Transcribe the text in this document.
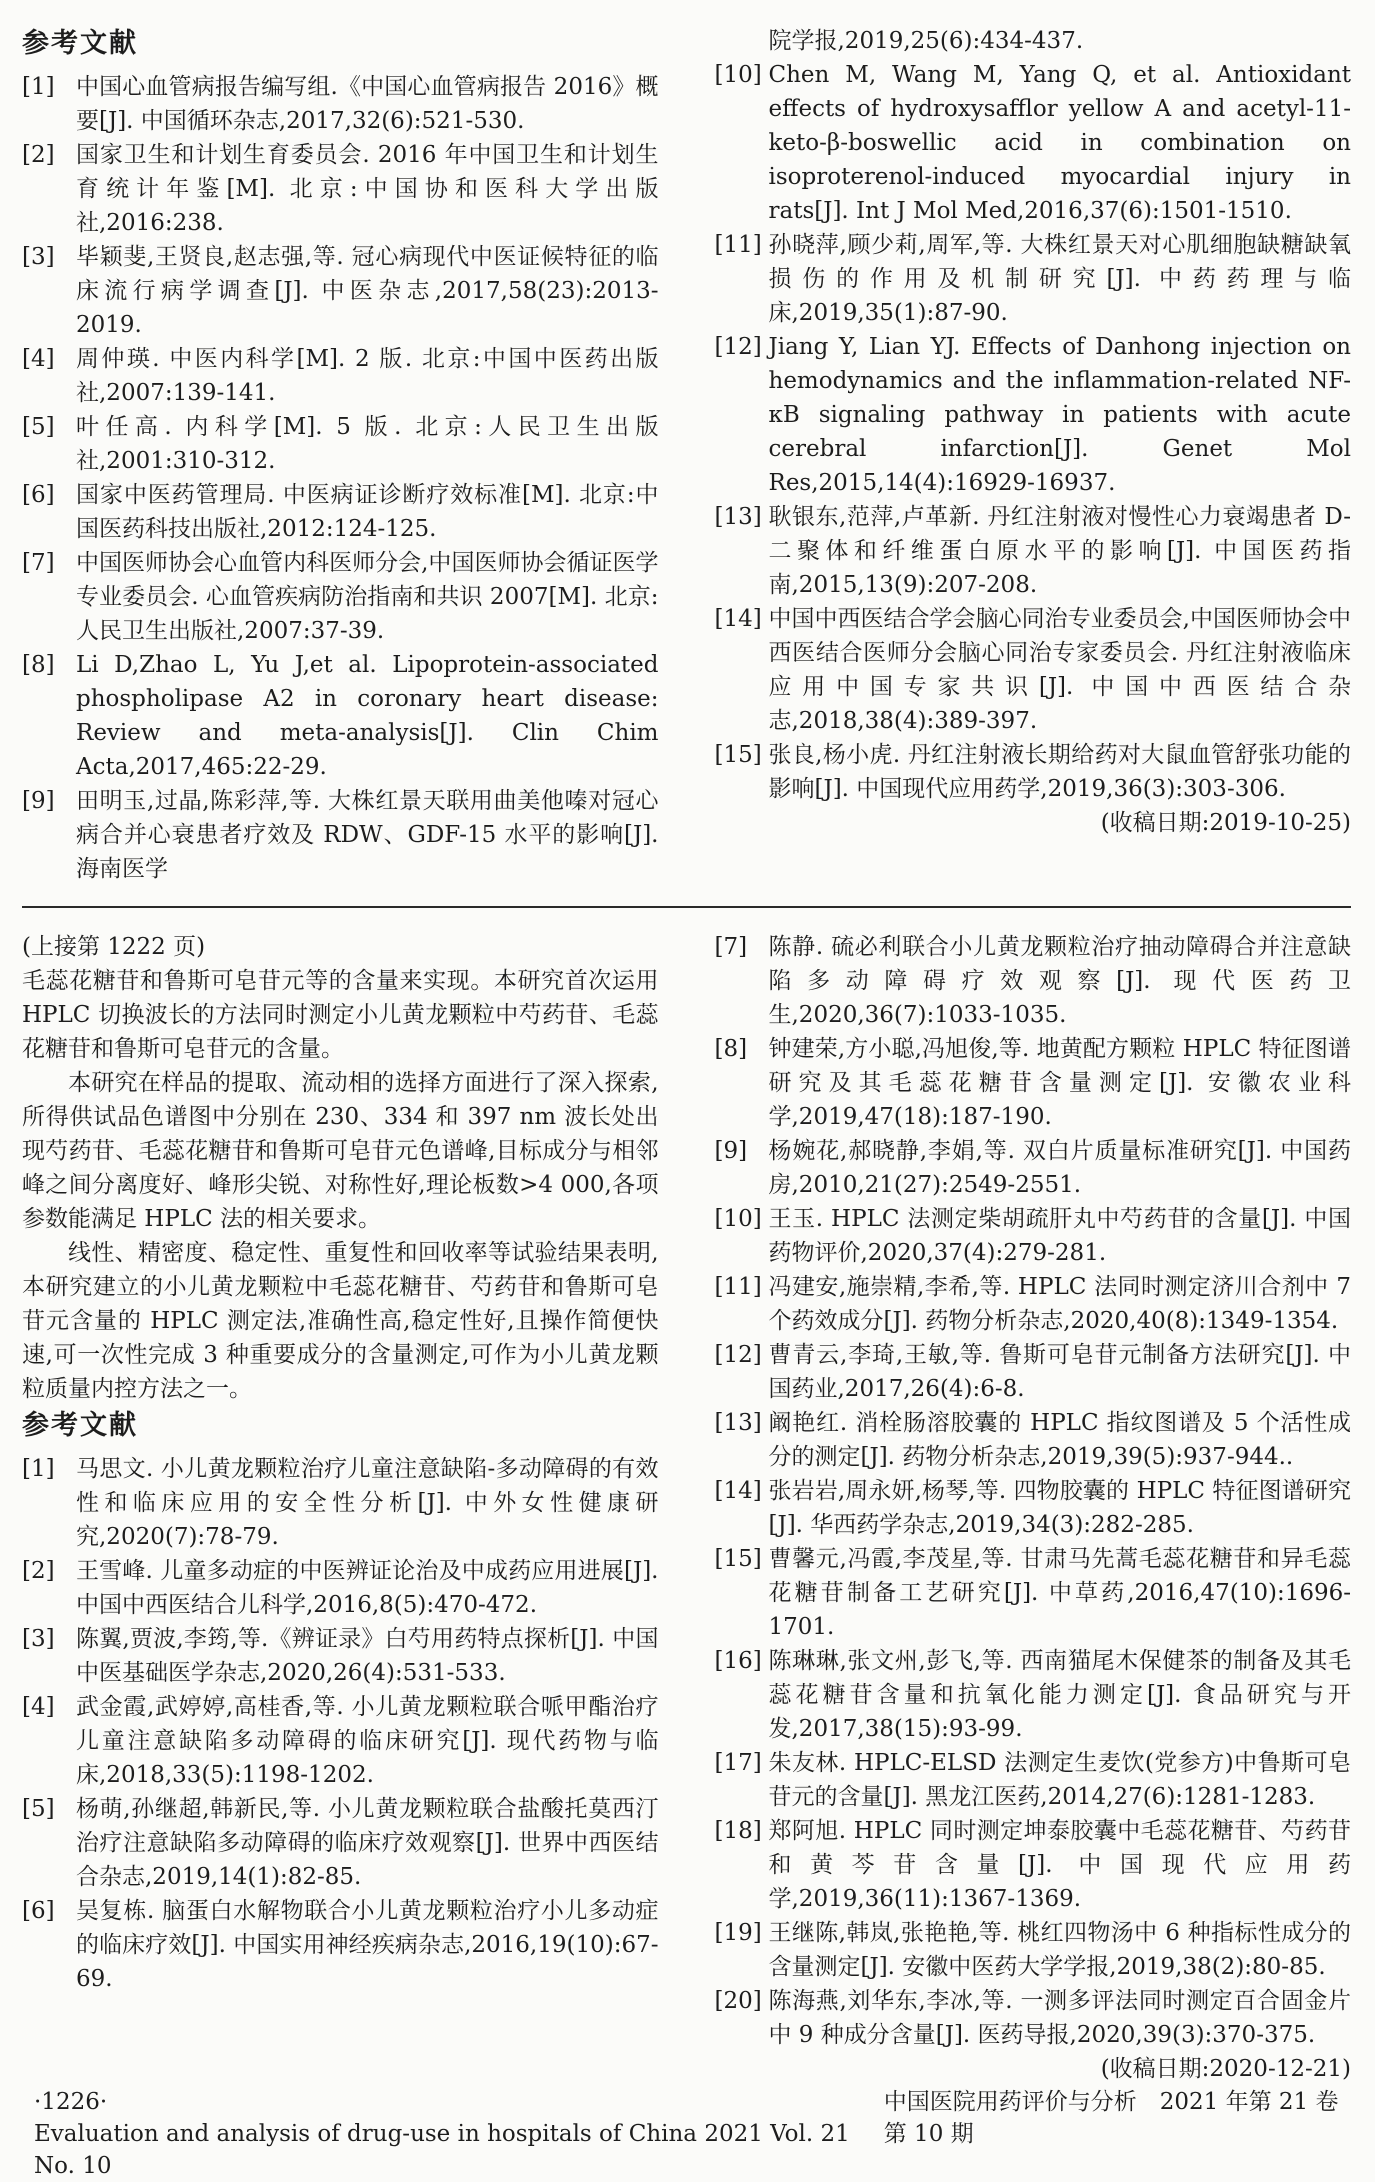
参考文献
[1] 中国心血管病报告编写组.《中国心血管病报告 2016》概要[J]. 中国循环杂志,2017,32(6):521-530.
[2] 国家卫生和计划生育委员会. 2016 年中国卫生和计划生育统计年鉴[M]. 北京:中国协和医科大学出版社,2016:238.
[3] 毕颖斐,王贤良,赵志强,等. 冠心病现代中医证候特征的临床流行病学调查[J]. 中医杂志,2017,58(23):2013-2019.
[4] 周仲瑛. 中医内科学[M]. 2 版. 北京:中国中医药出版社,2007:139-141.
[5] 叶任高. 内科学[M]. 5 版. 北京:人民卫生出版社,2001:310-312.
[6] 国家中医药管理局. 中医病证诊断疗效标准[M]. 北京:中国医药科技出版社,2012:124-125.
[7] 中国医师协会心血管内科医师分会,中国医师协会循证医学专业委员会. 心血管疾病防治指南和共识 2007[M]. 北京:人民卫生出版社,2007:37-39.
[8] Li D,Zhao L, Yu J,et al. Lipoprotein-associated phospholipase A2 in coronary heart disease: Review and meta-analysis[J]. Clin Chim Acta,2017,465:22-29.
[9] 田明玉,过晶,陈彩萍,等. 大株红景天联用曲美他嗪对冠心病合并心衰患者疗效及 RDW、GDF-15 水平的影响[J]. 海南医学
院学报,2019,25(6):434-437.
[10] Chen M, Wang M, Yang Q, et al. Antioxidant effects of hydroxysafflor yellow A and acetyl-11-keto-β-boswellic acid in combination on isoproterenol-induced myocardial injury in rats[J]. Int J Mol Med,2016,37(6):1501-1510.
[11] 孙晓萍,顾少莉,周军,等. 大株红景天对心肌细胞缺糖缺氧损伤的作用及机制研究[J]. 中药药理与临床,2019,35(1):87-90.
[12] Jiang Y, Lian YJ. Effects of Danhong injection on hemodynamics and the inflammation-related NF-κB signaling pathway in patients with acute cerebral infarction[J]. Genet Mol Res,2015,14(4):16929-16937.
[13] 耿银东,范萍,卢革新. 丹红注射液对慢性心力衰竭患者 D-二聚体和纤维蛋白原水平的影响[J]. 中国医药指南,2015,13(9):207-208.
[14] 中国中西医结合学会脑心同治专业委员会,中国医师协会中西医结合医师分会脑心同治专家委员会. 丹红注射液临床应用中国专家共识[J]. 中国中西医结合杂志,2018,38(4):389-397.
[15] 张良,杨小虎. 丹红注射液长期给药对大鼠血管舒张功能的影响[J]. 中国现代应用药学,2019,36(3):303-306.
(收稿日期:2019-10-25)
(上接第 1222 页)

毛蕊花糖苷和鲁斯可皂苷元等的含量来实现。本研究首次运用 HPLC 切换波长的方法同时测定小儿黄龙颗粒中芍药苷、毛蕊花糖苷和鲁斯可皂苷元的含量。

本研究在样品的提取、流动相的选择方面进行了深入探索,所得供试品色谱图中分别在 230、334 和 397 nm 波长处出现芍药苷、毛蕊花糖苷和鲁斯可皂苷元色谱峰,目标成分与相邻峰之间分离度好、峰形尖锐、对称性好,理论板数>4 000,各项参数能满足 HPLC 法的相关要求。

线性、精密度、稳定性、重复性和回收率等试验结果表明,本研究建立的小儿黄龙颗粒中毛蕊花糖苷、芍药苷和鲁斯可皂苷元含量的 HPLC 测定法,准确性高,稳定性好,且操作简便快速,可一次性完成 3 种重要成分的含量测定,可作为小儿黄龙颗粒质量内控方法之一。

参考文献
[1] 马思文. 小儿黄龙颗粒治疗儿童注意缺陷-多动障碍的有效性和临床应用的安全性分析[J]. 中外女性健康研究,2020(7):78-79.
[2] 王雪峰. 儿童多动症的中医辨证论治及中成药应用进展[J]. 中国中西医结合儿科学,2016,8(5):470-472.
[3] 陈翼,贾波,李筠,等.《辨证录》白芍用药特点探析[J]. 中国中医基础医学杂志,2020,26(4):531-533.
[4] 武金霞,武婷婷,高桂香,等. 小儿黄龙颗粒联合哌甲酯治疗儿童注意缺陷多动障碍的临床研究[J]. 现代药物与临床,2018,33(5):1198-1202.
[5] 杨萌,孙继超,韩新民,等. 小儿黄龙颗粒联合盐酸托莫西汀治疗注意缺陷多动障碍的临床疗效观察[J]. 世界中西医结合杂志,2019,14(1):82-85.
[6] 吴复栋. 脑蛋白水解物联合小儿黄龙颗粒治疗小儿多动症的临床疗效[J]. 中国实用神经疾病杂志,2016,19(10):67-69.
[7] 陈静. 硫必利联合小儿黄龙颗粒治疗抽动障碍合并注意缺陷多动障碍疗效观察[J]. 现代医药卫生,2020,36(7):1033-1035.
[8] 钟建荣,方小聪,冯旭俊,等. 地黄配方颗粒 HPLC 特征图谱研究及其毛蕊花糖苷含量测定[J]. 安徽农业科学,2019,47(18):187-190.
[9] 杨婉花,郝晓静,李娟,等. 双白片质量标准研究[J]. 中国药房,2010,21(27):2549-2551.
[10] 王玉. HPLC 法测定柴胡疏肝丸中芍药苷的含量[J]. 中国药物评价,2020,37(4):279-281.
[11] 冯建安,施崇精,李希,等. HPLC 法同时测定济川合剂中 7 个药效成分[J]. 药物分析杂志,2020,40(8):1349-1354.
[12] 曹青云,李琦,王敏,等. 鲁斯可皂苷元制备方法研究[J]. 中国药业,2017,26(4):6-8.
[13] 阚艳红. 消栓肠溶胶囊的 HPLC 指纹图谱及 5 个活性成分的测定[J]. 药物分析杂志,2019,39(5):937-944..
[14] 张岩岩,周永妍,杨琴,等. 四物胶囊的 HPLC 特征图谱研究[J]. 华西药学杂志,2019,34(3):282-285.
[15] 曹馨元,冯霞,李茂星,等. 甘肃马先蒿毛蕊花糖苷和异毛蕊花糖苷制备工艺研究[J]. 中草药,2016,47(10):1696-1701.
[16] 陈琳琳,张文州,彭飞,等. 西南猫尾木保健茶的制备及其毛蕊花糖苷含量和抗氧化能力测定[J]. 食品研究与开发,2017,38(15):93-99.
[17] 朱友林. HPLC-ELSD 法测定生麦饮(党参方)中鲁斯可皂苷元的含量[J]. 黑龙江医药,2014,27(6):1281-1283.
[18] 郑阿旭. HPLC 同时测定坤泰胶囊中毛蕊花糖苷、芍药苷和黄芩苷含量[J]. 中国现代应用药学,2019,36(11):1367-1369.
[19] 王继陈,韩岚,张艳艳,等. 桃红四物汤中 6 种指标性成分的含量测定[J]. 安徽中医药大学学报,2019,38(2):80-85.
[20] 陈海燕,刘华东,李冰,等. 一测多评法同时测定百合固金片中 9 种成分含量[J]. 医药导报,2020,39(3):370-375.
(收稿日期:2020-12-21)
·1226· Evaluation and analysis of drug-use in hospitals of China 2021 Vol. 21 No. 10
中国医院用药评价与分析　2021 年第 21 卷第 10 期
